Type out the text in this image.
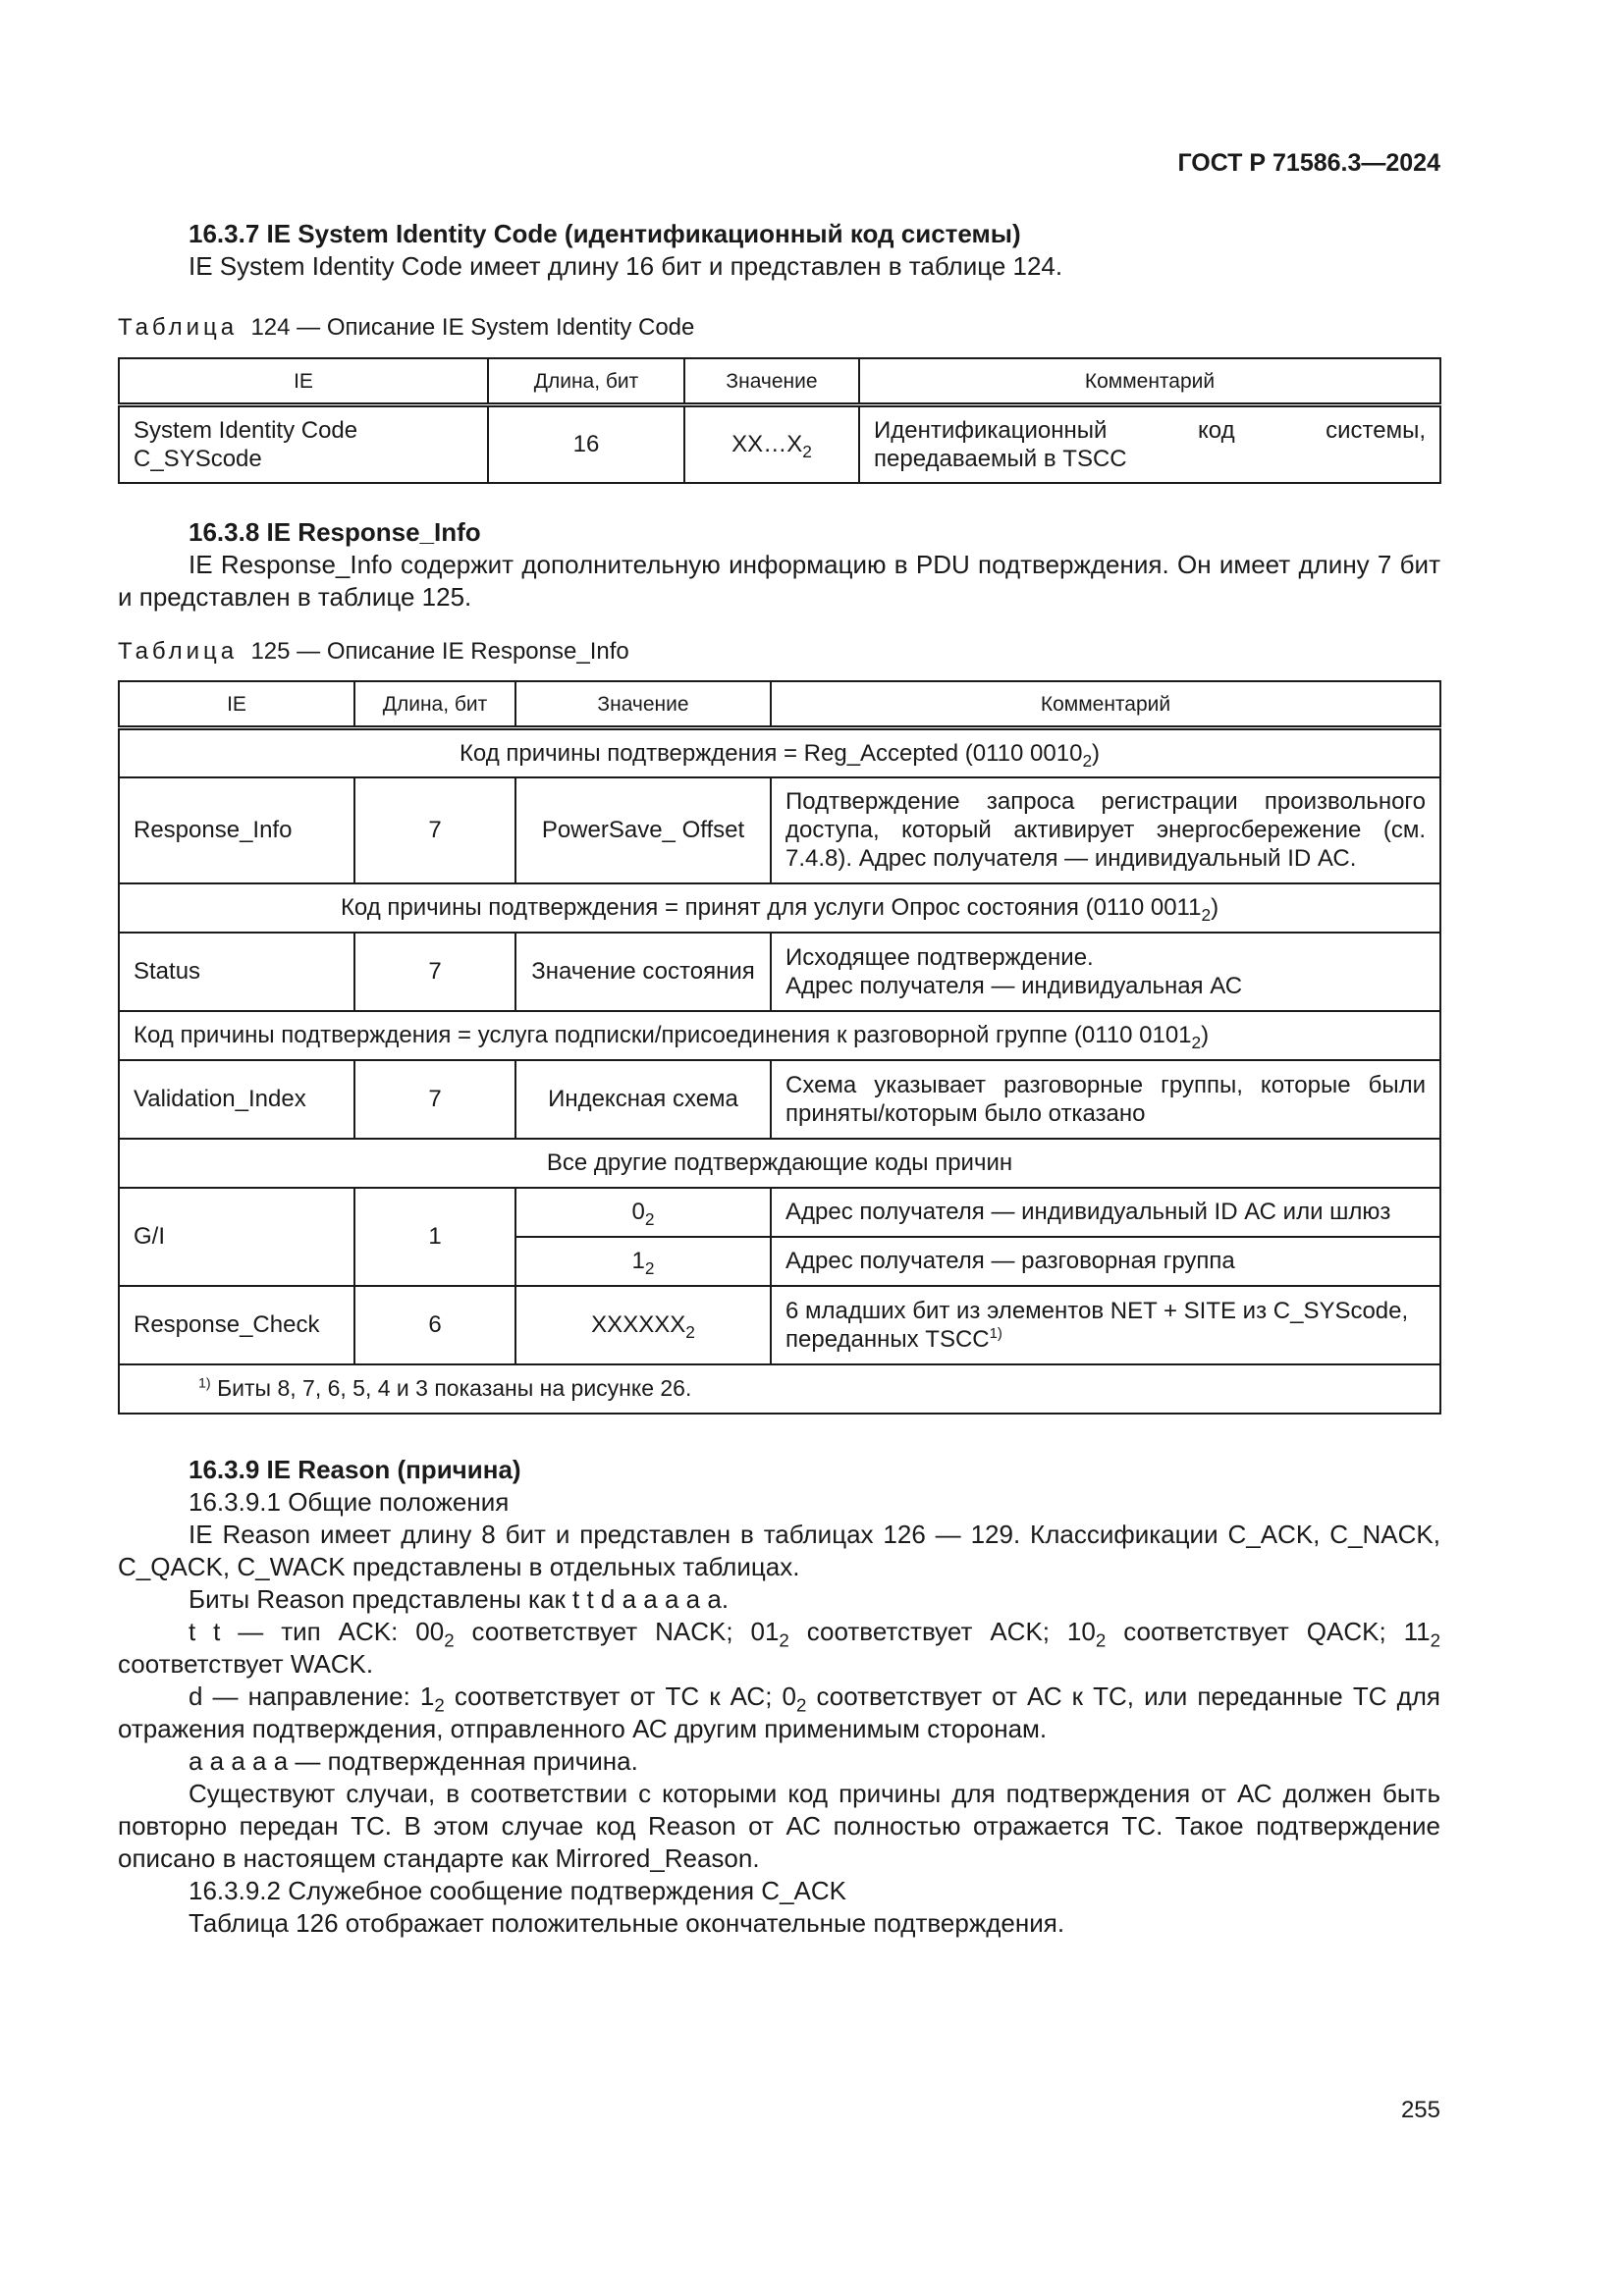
ГОСТ Р 71586.3—2024

16.3.7 IE System Identity Code (идентификационный код системы)

IE System Identity Code имеет длину 16 бит и представлен в таблице 124.

Таблица 124 — Описание IE System Identity Code
IE	Длина, бит	Значение	Комментарий
System Identity Code
C_SYScode	16	$XX\dots X_2$	Идентификационный код системы, передаваемый в TSCC

16.3.8 IE Response_Info

IE Response_Info содержит дополнительную информацию в PDU подтверждения. Он имеет длину 7 бит и представлен в таблице 125.

Таблица 125 — Описание IE Response_Info
IE	Длина, бит	Значение	Комментарий
Код причины подтверждения = Reg_Accepted (0110 $0010_2$)			
Response_Info	7	PowerSave_ Offset	Подтверждение запроса регистрации произвольного доступа, который активирует энергосбережение (см. 7.4.8). Адрес получателя — индивидуальный ID АС.
Код причины подтверждения = принят для услуги Опрос состояния (0110 $0011_2$)			
Status	7	Значение состояния	Исходящее подтверждение.
Адрес получателя — индивидуальная АС
Код причины подтверждения = услуга подписки/присоединения к разговорной группе (0110 $0101_2$)			
Validation_Index	7	Индексная схема	Схема указывает разговорные группы, которые были приняты/которым было отказано
Все другие подтверждающие коды причин			
G/I	1	$0_2$	Адрес получателя — индивидуальный ID АС или шлюз
		$1_2$	Адрес получателя — разговорная группа
Response_Check	6	$XXXXXX_2$	6 младших бит из элементов NET + SITE из C_SYScode,
переданных TSCC$^{1)}$
$^{1)}$ Биты 8, 7, 6, 5, 4 и 3 показаны на рисунке 26.			

16.3.9 IE Reason (причина)

16.3.9.1 Общие положения

IE Reason имеет длину 8 бит и представлен в таблицах 126 — 129. Классификации C_ACK, C_NACK, C_QACK, C_WACK представлены в отдельных таблицах.

Биты Reason представлены как t t d a a a a a.

t t — тип ACK: $00_2$ соответствует NACK; $01_2$ соответствует ACK; $10_2$ соответствует QACK; $11_2$ соответствует WACK.

d — направление: $1_2$ соответствует от ТС к АС; $0_2$ соответствует от АС к ТС, или переданные ТС для отражения подтверждения, отправленного АС другим применимым сторонам.

a a a a a — подтвержденная причина.

Существуют случаи, в соответствии с которыми код причины для подтверждения от АС должен быть повторно передан ТС. В этом случае код Reason от АС полностью отражается ТС. Такое подтверждение описано в настоящем стандарте как Mirrored_Reason.

16.3.9.2 Служебное сообщение подтверждения C_ACK

Таблица 126 отображает положительные окончательные подтверждения.

255
